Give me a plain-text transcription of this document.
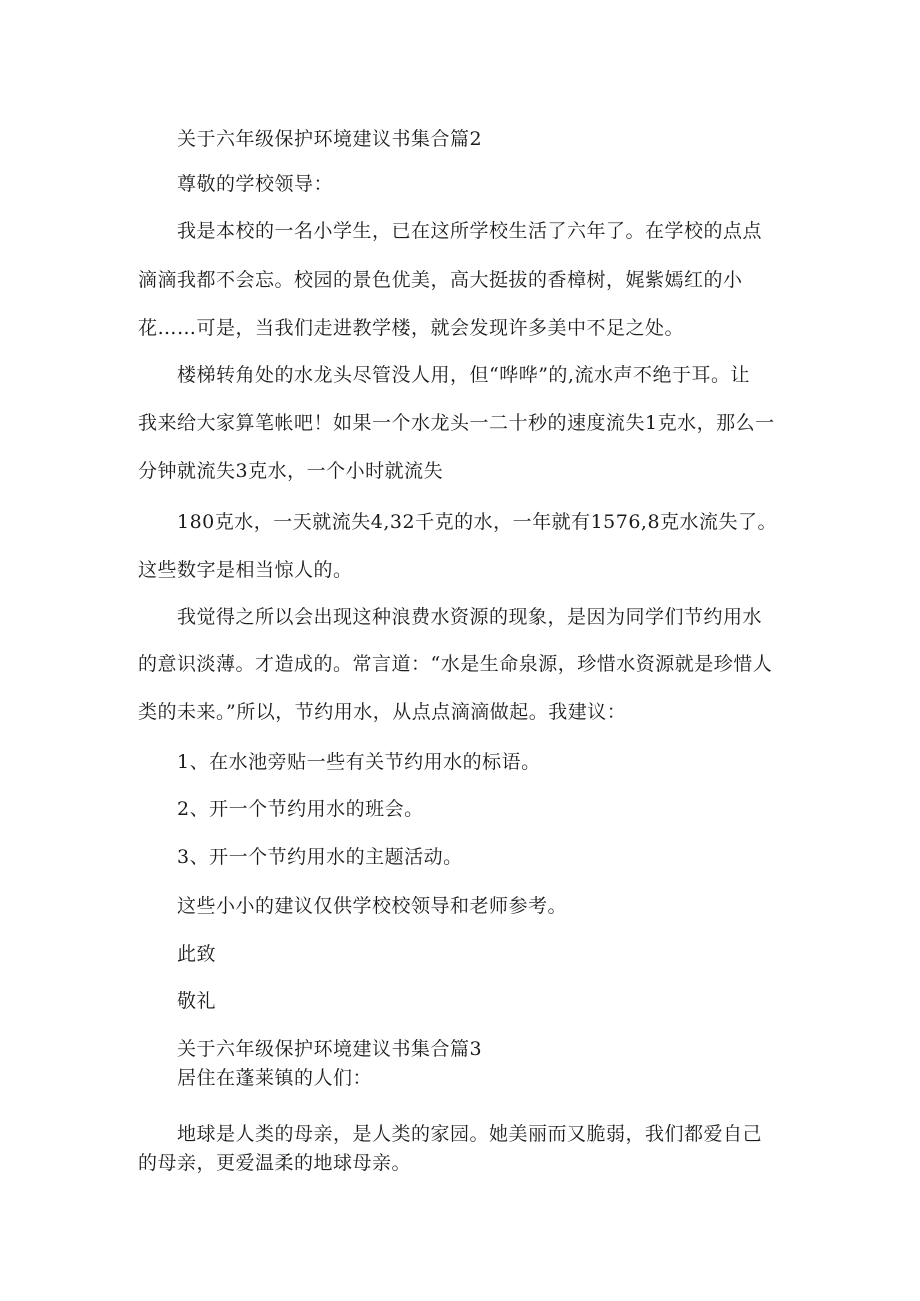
关于六年级保护环境建议书集合篇2
尊敬的学校领导：
我是本校的一名小学生，已在这所学校生活了六年了。在学校的点点
滴滴我都不会忘。校园的景色优美，高大挺拔的香樟树，娓紫嫣红的小
花……可是，当我们走进教学楼，就会发现许多美中不足之处。
楼梯转角处的水龙头尽管没人用，但“哗哗”的,流水声不绝于耳。让
我来给大家算笔帐吧！如果一个水龙头一二十秒的速度流失1克水，那么一
分钟就流失3克水，一个小时就流失
180克水，一天就流失4,32千克的水，一年就有1576,8克水流失了。
这些数字是相当惊人的。
我觉得之所以会出现这种浪费水资源的现象，是因为同学们节约用水
的意识淡薄。才造成的。常言道：“水是生命泉源，珍惜水资源就是珍惜人
类的未来。”所以，节约用水，从点点滴滴做起。我建议：
1、在水池旁贴一些有关节约用水的标语。
2、开一个节约用水的班会。
3、开一个节约用水的主题活动。
这些小小的建议仅供学校校领导和老师参考。
此致
敬礼
关于六年级保护环境建议书集合篇3
居住在蓬莱镇的人们：
地球是人类的母亲，是人类的家园。她美丽而又脆弱，我们都爱自己
的母亲，更爱温柔的地球母亲。
